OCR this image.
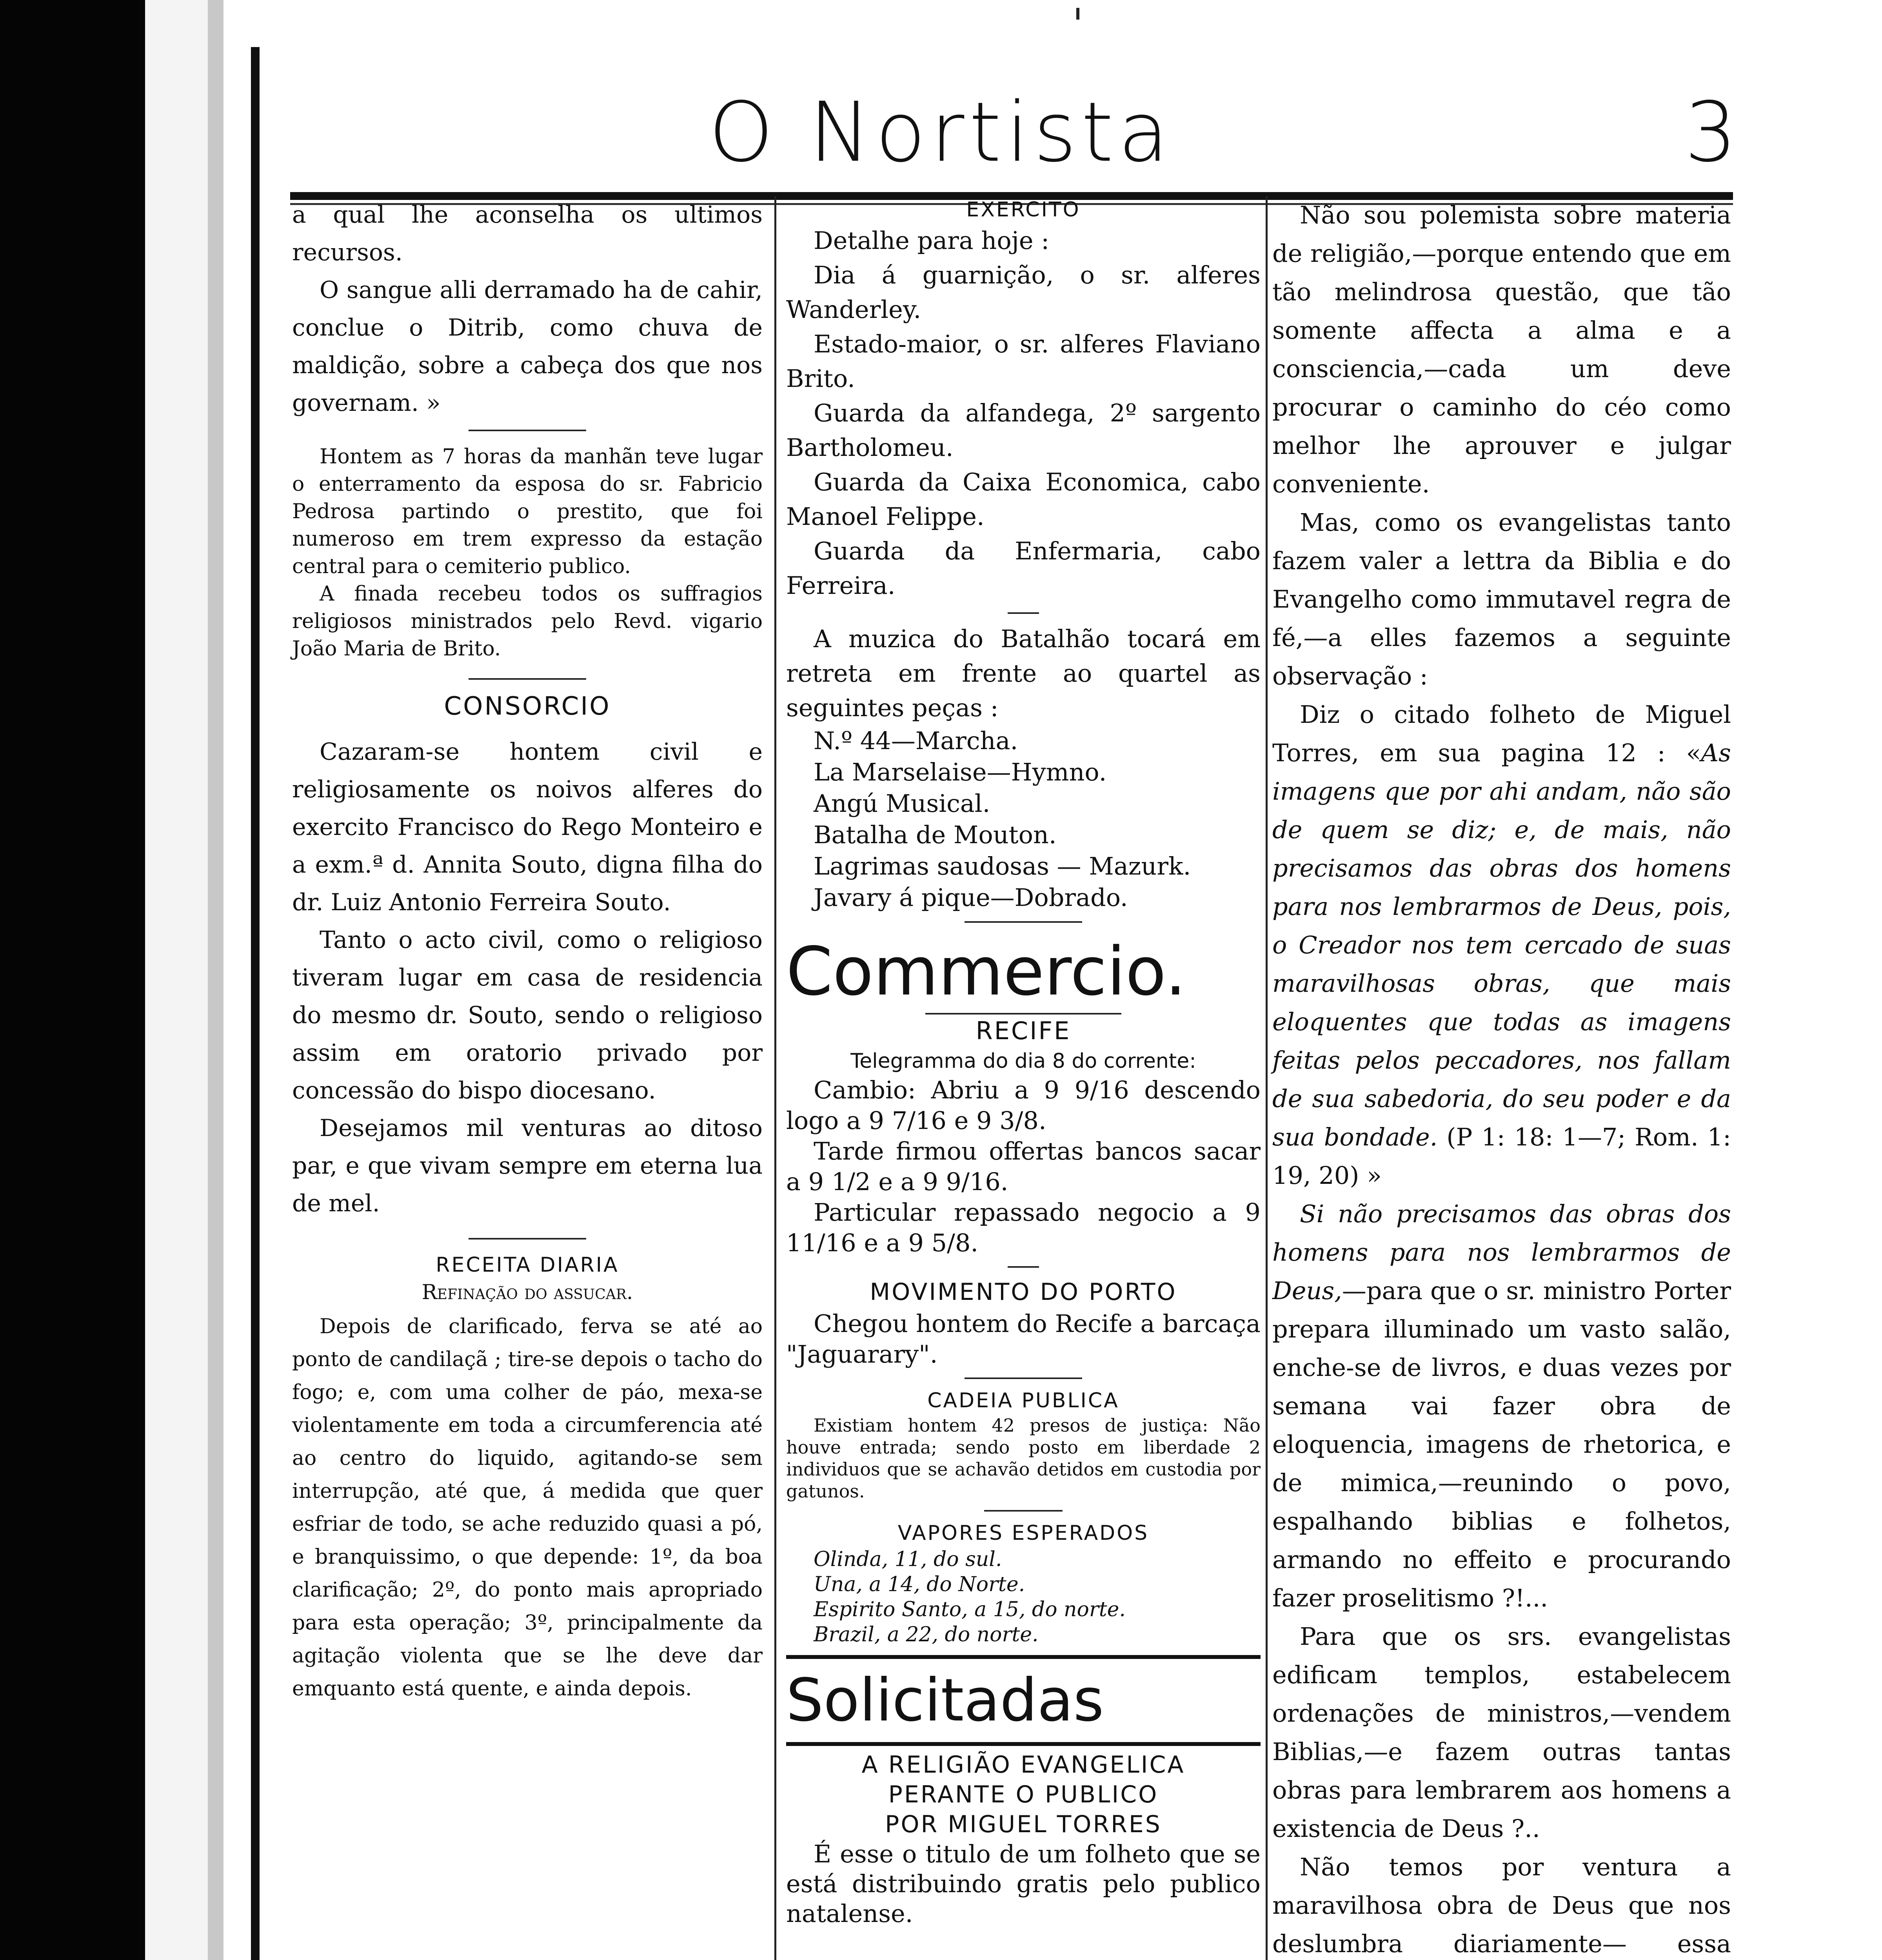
O Nortista	3

a qual lhe aconselha os ultimos recursos.

O sangue alli derramado ha de cahir, conclue o Ditrib, como chuva de maldição, sobre a cabeça dos que nos governam. »

Hontem as 7 horas da manhãn teve lugar o enterramento da esposa do sr. Fabricio Pedrosa partindo o prestito, que foi numeroso em trem expresso da estação central para o cemiterio publico.

A finada recebeu todos os suffragios religiosos ministrados pelo Revd. vigario João Maria de Brito.

CONSORCIO

Cazaram-se hontem civil e religiosamente os noivos alferes do exercito Francisco do Rego Monteiro e a exm.ª d. Annita Souto, digna filha do dr. Luiz Antonio Ferreira Souto.

Tanto o acto civil, como o religioso tiveram lugar em casa de residencia do mesmo dr. Souto, sendo o religioso assim em oratorio privado por concessão do bispo diocesano.

Desejamos mil venturas ao ditoso par, e que vivam sempre em eterna lua de mel.

RECEITA DIARIA

Refinação do assucar.

Depois de clarificado, ferva se até ao ponto de candilaçã ; tire-se depois o tacho do fogo; e, com uma colher de páo, mexa-se violentamente em toda a circumferencia até ao centro do liquido, agitando-se sem interrupção, até que, á medida que quer esfriar de todo, se ache reduzido quasi a pó, e branquissimo, o que depende: 1º, da boa clarificação; 2º, do ponto mais apropriado para esta operação; 3º, principalmente da agitação violenta que se lhe deve dar emquanto está quente, e ainda depois.

EXERCITO

Detalhe para hoje :

Dia á guarnição, o sr. alferes Wanderley.

Estado-maior, o sr. alferes Flaviano Brito.

Guarda da alfandega, 2º sargento Bartholomeu.

Guarda da Caixa Economica, cabo Manoel Felippe.

Guarda da Enfermaria, cabo Ferreira.

A muzica do Batalhão tocará em retreta em frente ao quartel as seguintes peças :

N.º 44—Marcha.

La Marselaise—Hymno.

Angú Musical.

Batalha de Mouton.

Lagrimas saudosas — Mazurk.

Javary á pique—Dobrado.

Commercio.

RECIFE

Telegramma do dia 8 do corrente:

Cambio: Abriu a 9 9/16 descendo logo a 9 7/16 e 9 3/8.

Tarde firmou offertas bancos sacar a 9 1/2 e a 9 9/16.

Particular repassado negocio a 9 11/16 e a 9 5/8.

MOVIMENTO DO PORTO

Chegou hontem do Recife a barcaça "Jaguarary".

CADEIA PUBLICA

Existiam hontem 42 presos de justiça: Não houve entrada; sendo posto em liberdade 2 individuos que se achavão detidos em custodia por gatunos.

VAPORES ESPERADOS

Olinda, 11, do sul.

Una, a 14, do Norte.

Espirito Santo, a 15, do norte.

Brazil, a 22, do norte.

Solicitadas

A RELIGIÃO EVANGELICA

PERANTE O PUBLICO

POR MIGUEL TORRES

É esse o titulo de um folheto que se está distribuindo gratis pelo publico natalense.

Não sou polemista sobre materia de religião,—porque entendo que em tão melindrosa questão, que tão somente affecta a alma e a consciencia,—cada um deve procurar o caminho do céo como melhor lhe aprouver e julgar conveniente.

Mas, como os evangelistas tanto fazem valer a lettra da Biblia e do Evangelho como immutavel regra de fé,—a elles fazemos a seguinte observação :

Diz o citado folheto de Miguel Torres, em sua pagina 12 : «As imagens que por ahi andam, não são de quem se diz; e, de mais, não precisamos das obras dos homens para nos lembrarmos de Deus, pois, o Creador nos tem cercado de suas maravilhosas obras, que mais eloquentes que todas as imagens feitas pelos peccadores, nos fallam de sua sabedoria, do seu poder e da sua bondade. (P 1: 18: 1—7; Rom. 1: 19, 20) »

Si não precisamos das obras dos homens para nos lembrarmos de Deus,—para que o sr. ministro Porter prepara illuminado um vasto salão, enche-se de livros, e duas vezes por semana vai fazer obra de eloquencia, imagens de rhetorica, e de mimica,—reunindo o povo, espalhando biblias e folhetos, armando no effeito e procurando fazer proselitismo ?!...

Para que os srs. evangelistas edificam templos, estabelecem ordenações de ministros,—vendem Biblias,—e fazem outras tantas obras para lembrarem aos homens a existencia de Deus ?..

Não temos por ventura a maravilhosa obra de Deus que nos deslumbra diariamente— essa
